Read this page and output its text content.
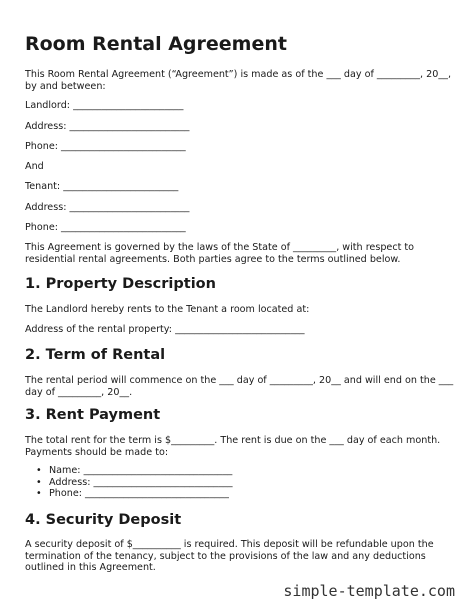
Room Rental Agreement

This Room Rental Agreement (“Agreement”) is made as of the ___ day of _________, 20__,
by and between:

Landlord: _______________________
Address: _________________________
Phone: __________________________
And
Tenant: ________________________
Address: _________________________
Phone: __________________________

This Agreement is governed by the laws of the State of _________, with respect to
residential rental agreements. Both parties agree to the terms outlined below.

1. Property Description

The Landlord hereby rents to the Tenant a room located at:

Address of the rental property: ___________________________
2. Term of Rental

The rental period will commence on the ___ day of _________, 20__ and will end on the ___
day of _________, 20__.

3. Rent Payment

The total rent for the term is $_________. The rent is due on the ___ day of each month.
Payments should be made to:

• Name: _______________________________
• Address: _____________________________
• Phone: ______________________________
4. Security Deposit

A security deposit of $__________ is required. This deposit will be refundable upon the
termination of the tenancy, subject to the provisions of the law and any deductions
outlined in this Agreement.

simple-template.com
